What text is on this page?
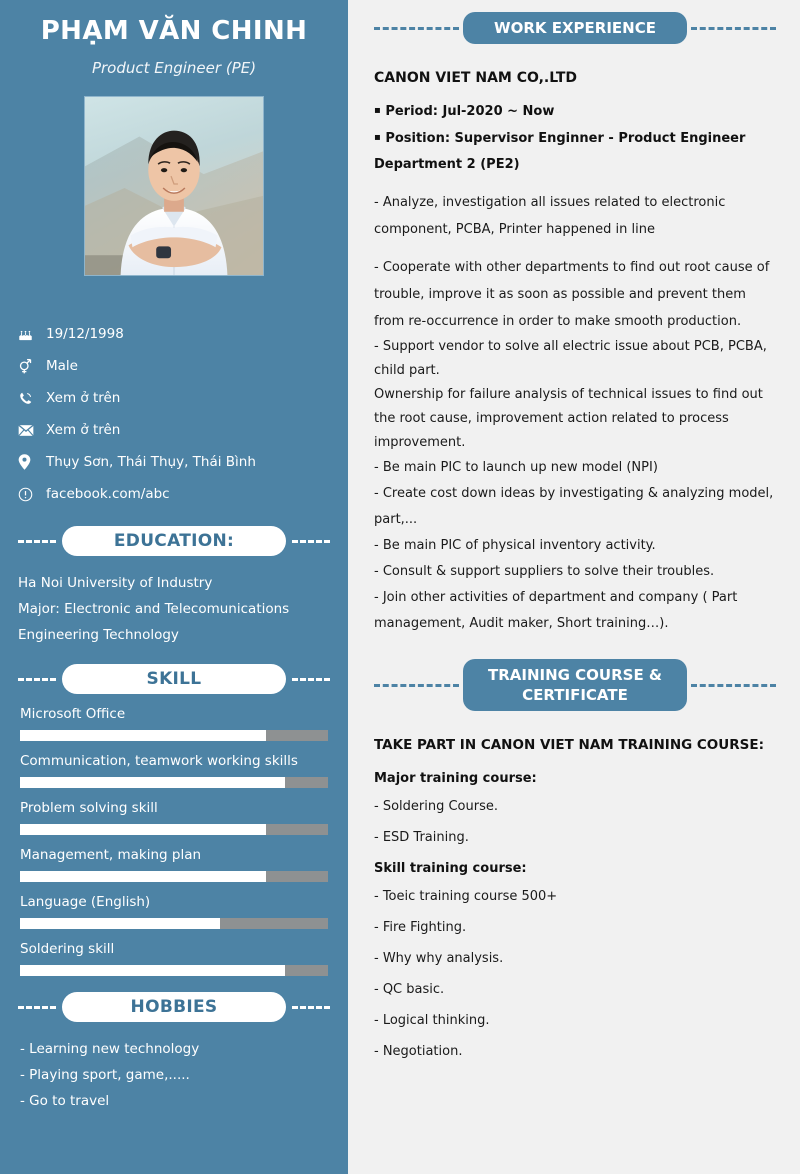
PHẠM VĂN CHINH
Product Engineer (PE)
19/12/1998
Male
Xem ở trên
Xem ở trên
Thụy Sơn, Thái Thụy, Thái Bình
facebook.com/abc
EDUCATION:
Ha Noi University of Industry
Major: Electronic and Telecomunications
Engineering Technology
SKILL
Microsoft Office
Communication, teamwork working skills
Problem solving skill
Management, making plan
Language (English)
Soldering skill
HOBBIES
- Learning new technology
- Playing sport, game,.....
- Go to travel
WORK EXPERIENCE
CANON VIET NAM CO,.LTD
▪ Period: Jul-2020 ~ Now
▪ Position: Supervisor Enginner - Product Engineer Department 2 (PE2)
- Analyze, investigation all issues related to electronic component, PCBA, Printer happened in line
- Cooperate with other departments to find out root cause of trouble, improve it as soon as possible and prevent them from re-occurrence in order to make smooth production.
- Support vendor to solve all electric issue about PCB, PCBA, child part.
Ownership for failure analysis of technical issues to find out the root cause, improvement action related to process improvement.
- Be main PIC to launch up new model (NPI)
- Create cost down ideas by investigating & analyzing model, part,...
- Be main PIC of physical inventory activity.
- Consult & support suppliers to solve their troubles.
- Join other activities of department and company ( Part management, Audit maker, Short training…).
TRAINING COURSE &
CERTIFICATE
TAKE PART IN CANON VIET NAM TRAINING COURSE:
Major training course:
- Soldering Course.
- ESD Training.
Skill training course:
- Toeic training course 500+
- Fire Fighting.
- Why why analysis.
- QC basic.
- Logical thinking.
- Negotiation.
